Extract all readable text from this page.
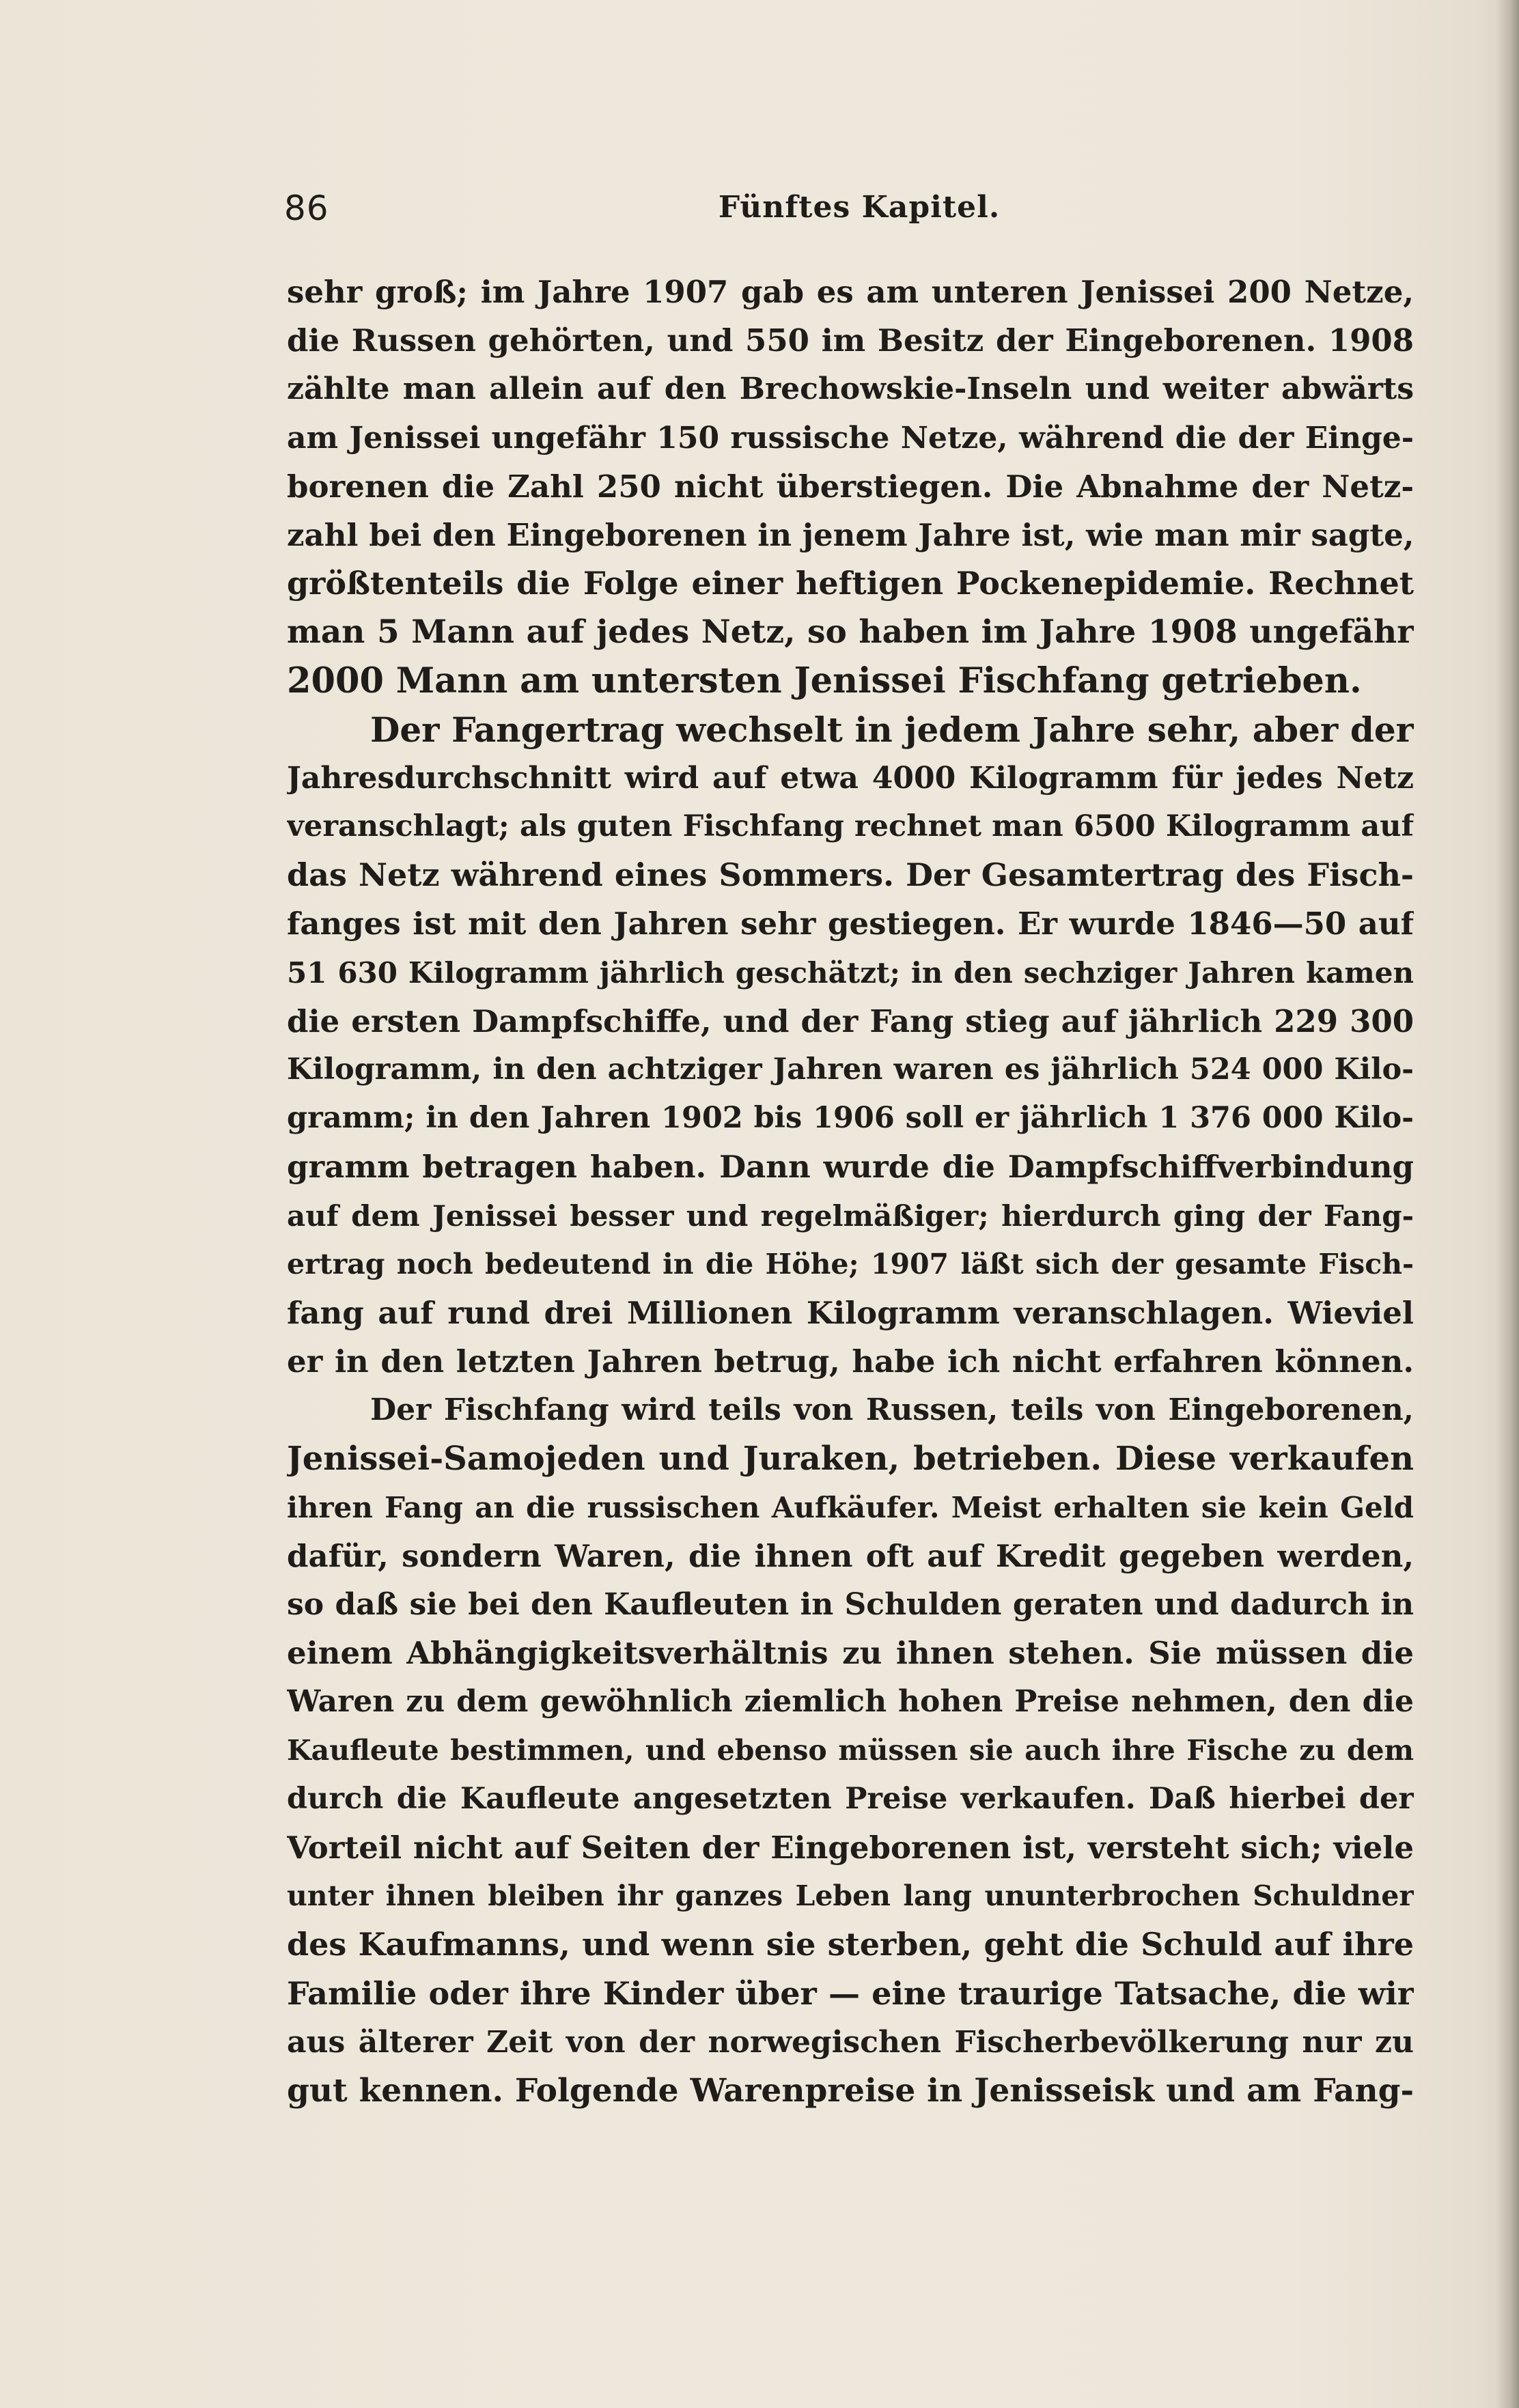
86	Fünftes Kapitel.
sehr groß; im Jahre 1907 gab es am unteren Jenissei 200 Netze,
die Russen gehörten, und 550 im Besitz der Eingeborenen. 1908
zählte man allein auf den Brechowskie-Inseln und weiter abwärts
am Jenissei ungefähr 150 russische Netze, während die der Einge-
borenen die Zahl 250 nicht überstiegen. Die Abnahme der Netz-
zahl bei den Eingeborenen in jenem Jahre ist, wie man mir sagte,
größtenteils die Folge einer heftigen Pockenepidemie. Rechnet
man 5 Mann auf jedes Netz, so haben im Jahre 1908 ungefähr
2000 Mann am untersten Jenissei Fischfang getrieben.
Der Fangertrag wechselt in jedem Jahre sehr, aber der
Jahresdurchschnitt wird auf etwa 4000 Kilogramm für jedes Netz
veranschlagt; als guten Fischfang rechnet man 6500 Kilogramm auf
das Netz während eines Sommers. Der Gesamtertrag des Fisch-
fanges ist mit den Jahren sehr gestiegen. Er wurde 1846—50 auf
51 630 Kilogramm jährlich geschätzt; in den sechziger Jahren kamen
die ersten Dampfschiffe, und der Fang stieg auf jährlich 229 300
Kilogramm, in den achtziger Jahren waren es jährlich 524 000 Kilo-
gramm; in den Jahren 1902 bis 1906 soll er jährlich 1 376 000 Kilo-
gramm betragen haben. Dann wurde die Dampfschiffverbindung
auf dem Jenissei besser und regelmäßiger; hierdurch ging der Fang-
ertrag noch bedeutend in die Höhe; 1907 läßt sich der gesamte Fisch-
fang auf rund drei Millionen Kilogramm veranschlagen. Wieviel
er in den letzten Jahren betrug, habe ich nicht erfahren können.
Der Fischfang wird teils von Russen, teils von Eingeborenen,
Jenissei-Samojeden und Juraken, betrieben. Diese verkaufen
ihren Fang an die russischen Aufkäufer. Meist erhalten sie kein Geld
dafür, sondern Waren, die ihnen oft auf Kredit gegeben werden,
so daß sie bei den Kaufleuten in Schulden geraten und dadurch in
einem Abhängigkeitsverhältnis zu ihnen stehen. Sie müssen die
Waren zu dem gewöhnlich ziemlich hohen Preise nehmen, den die
Kaufleute bestimmen, und ebenso müssen sie auch ihre Fische zu dem
durch die Kaufleute angesetzten Preise verkaufen. Daß hierbei der
Vorteil nicht auf Seiten der Eingeborenen ist, versteht sich; viele
unter ihnen bleiben ihr ganzes Leben lang ununterbrochen Schuldner
des Kaufmanns, und wenn sie sterben, geht die Schuld auf ihre
Familie oder ihre Kinder über — eine traurige Tatsache, die wir
aus älterer Zeit von der norwegischen Fischerbevölkerung nur zu
gut kennen. Folgende Warenpreise in Jenisseisk und am Fang-
